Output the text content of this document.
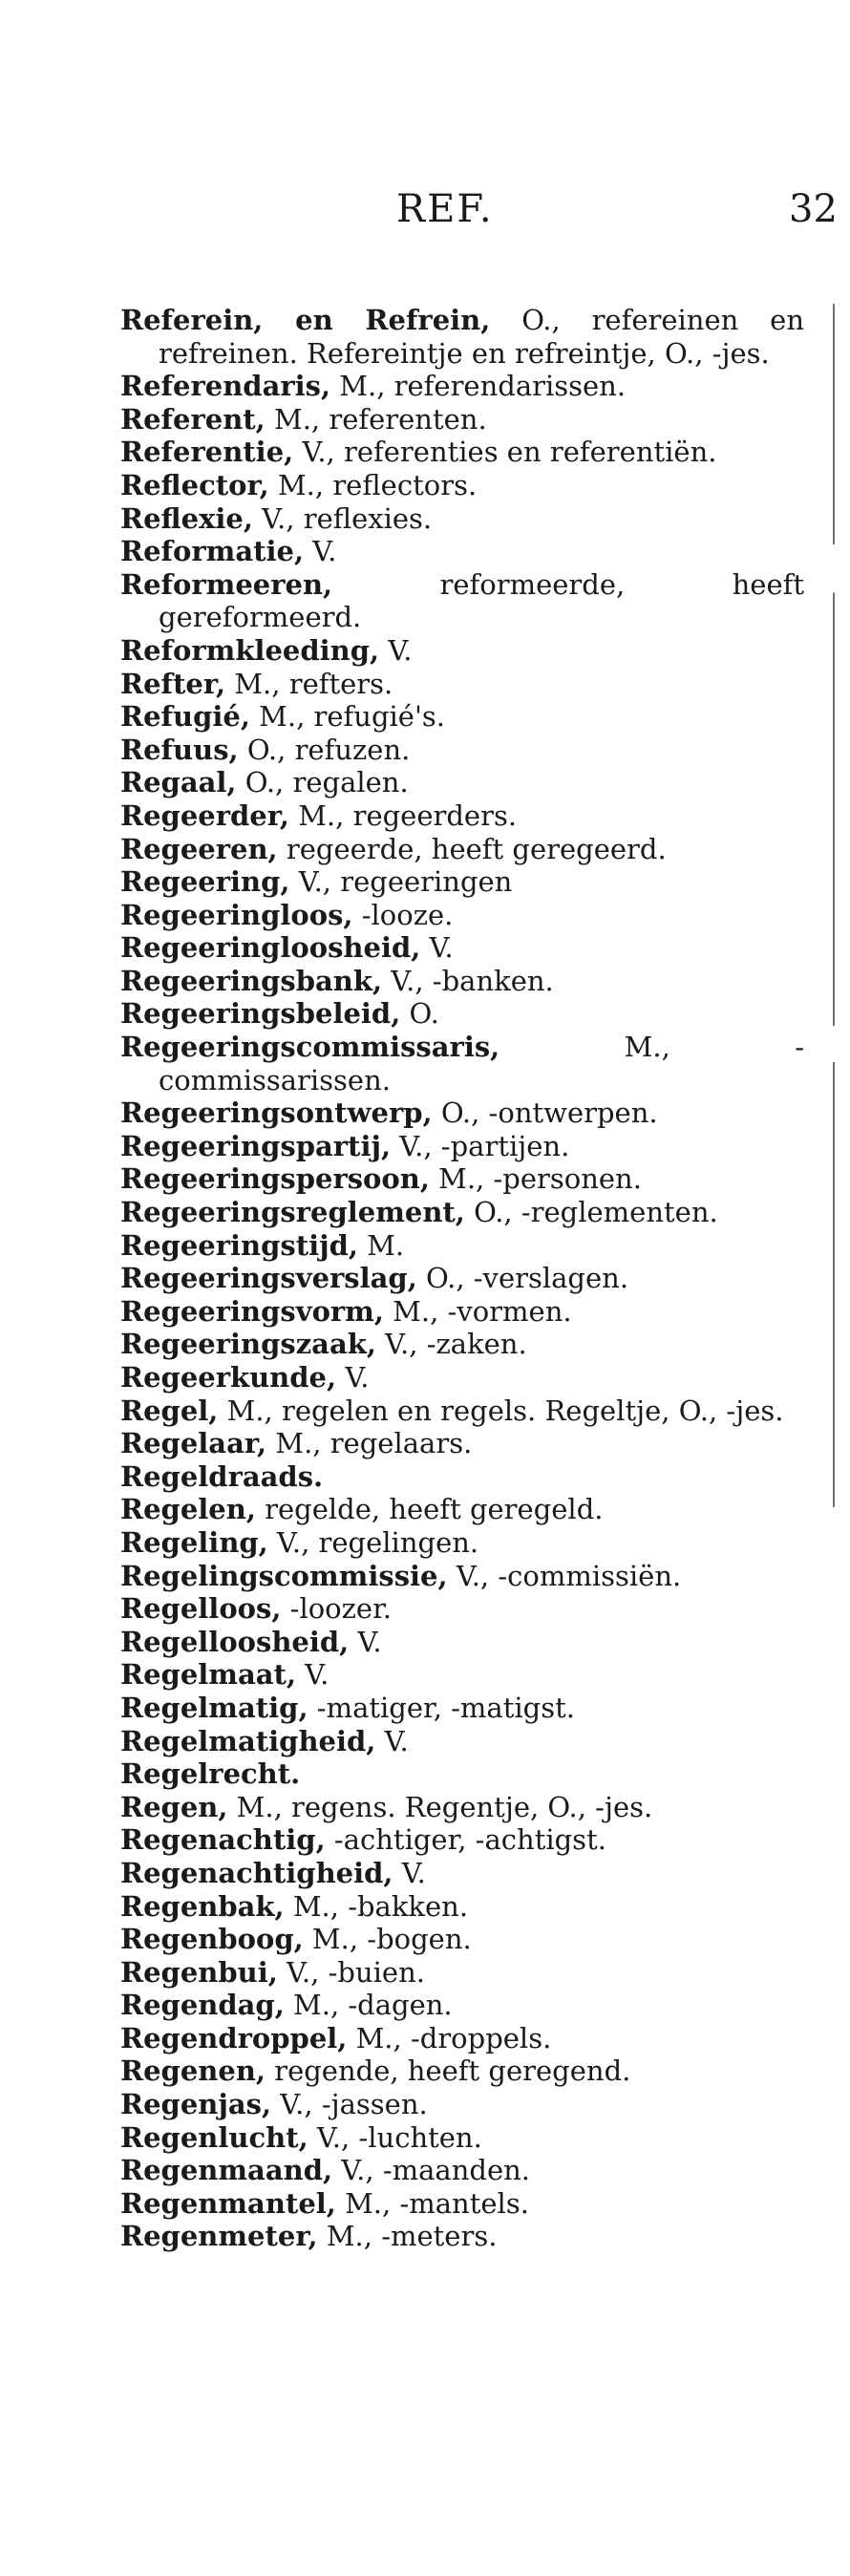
REF.	32

Referein, en Refrein, O., refereinen en refreinen. Refereintje en refreintje, O., -jes.

Referendaris, M., referendarissen.

Referent, M., referenten.

Referentie, V., referenties en referentiën.

Reflector, M., reflectors.

Reflexie, V., reflexies.

Reformatie, V.

Reformeeren, reformeerde, heeft gereformeerd.

Reformkleeding, V.

Refter, M., refters.

Refugié, M., refugié's.

Refuus, O., refuzen.

Regaal, O., regalen.

Regeerder, M., regeerders.

Regeeren, regeerde, heeft geregeerd.

Regeering, V., regeeringen

Regeeringloos, -looze.

Regeeringloosheid, V.

Regeeringsbank, V., -banken.

Regeeringsbeleid, O.

Regeeringscommissaris, M., -commissarissen.

Regeeringsontwerp, O., -ontwerpen.

Regeeringspartij, V., -partijen.

Regeeringspersoon, M., -personen.

Regeeringsreglement, O., -reglementen.

Regeeringstijd, M.

Regeeringsverslag, O., -verslagen.

Regeeringsvorm, M., -vormen.

Regeeringszaak, V., -zaken.

Regeerkunde, V.

Regel, M., regelen en regels. Regeltje, O., -jes.

Regelaar, M., regelaars.

Regeldraads.

Regelen, regelde, heeft geregeld.

Regeling, V., regelingen.

Regelingscommissie, V., -commissiën.

Regelloos, -loozer.

Regelloosheid, V.

Regelmaat, V.

Regelmatig, -matiger, -matigst.

Regelmatigheid, V.

Regelrecht.

Regen, M., regens. Regentje, O., -jes.

Regenachtig, -achtiger, -achtigst.

Regenachtigheid, V.

Regenbak, M., -bakken.

Regenboog, M., -bogen.

Regenbui, V., -buien.

Regendag, M., -dagen.

Regendroppel, M., -droppels.

Regenen, regende, heeft geregend.

Regenjas, V., -jassen.

Regenlucht, V., -luchten.

Regenmaand, V., -maanden.

Regenmantel, M., -mantels.

Regenmeter, M., -meters.
